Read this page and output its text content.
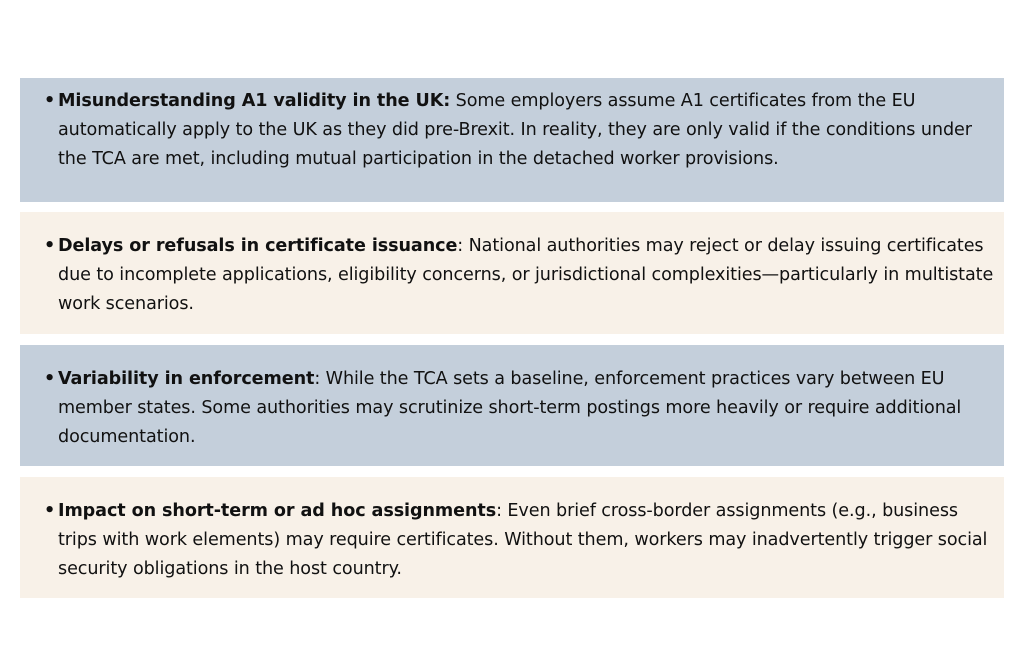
• Misunderstanding A1 validity in the UK: Some employers assume A1 certificates from the EU automatically apply to the UK as they did pre-Brexit. In reality, they are only valid if the conditions under the TCA are met, including mutual participation in the detached worker provisions.
• Delays or refusals in certificate issuance: National authorities may reject or delay issuing certificates due to incomplete applications, eligibility concerns, or jurisdictional complexities—particularly in multistate work scenarios.
• Variability in enforcement: While the TCA sets a baseline, enforcement practices vary between EU member states. Some authorities may scrutinize short-term postings more heavily or require additional documentation.
• Impact on short-term or ad hoc assignments: Even brief cross-border assignments (e.g., business trips with work elements) may require certificates. Without them, workers may inadvertently trigger social security obligations in the host country.
